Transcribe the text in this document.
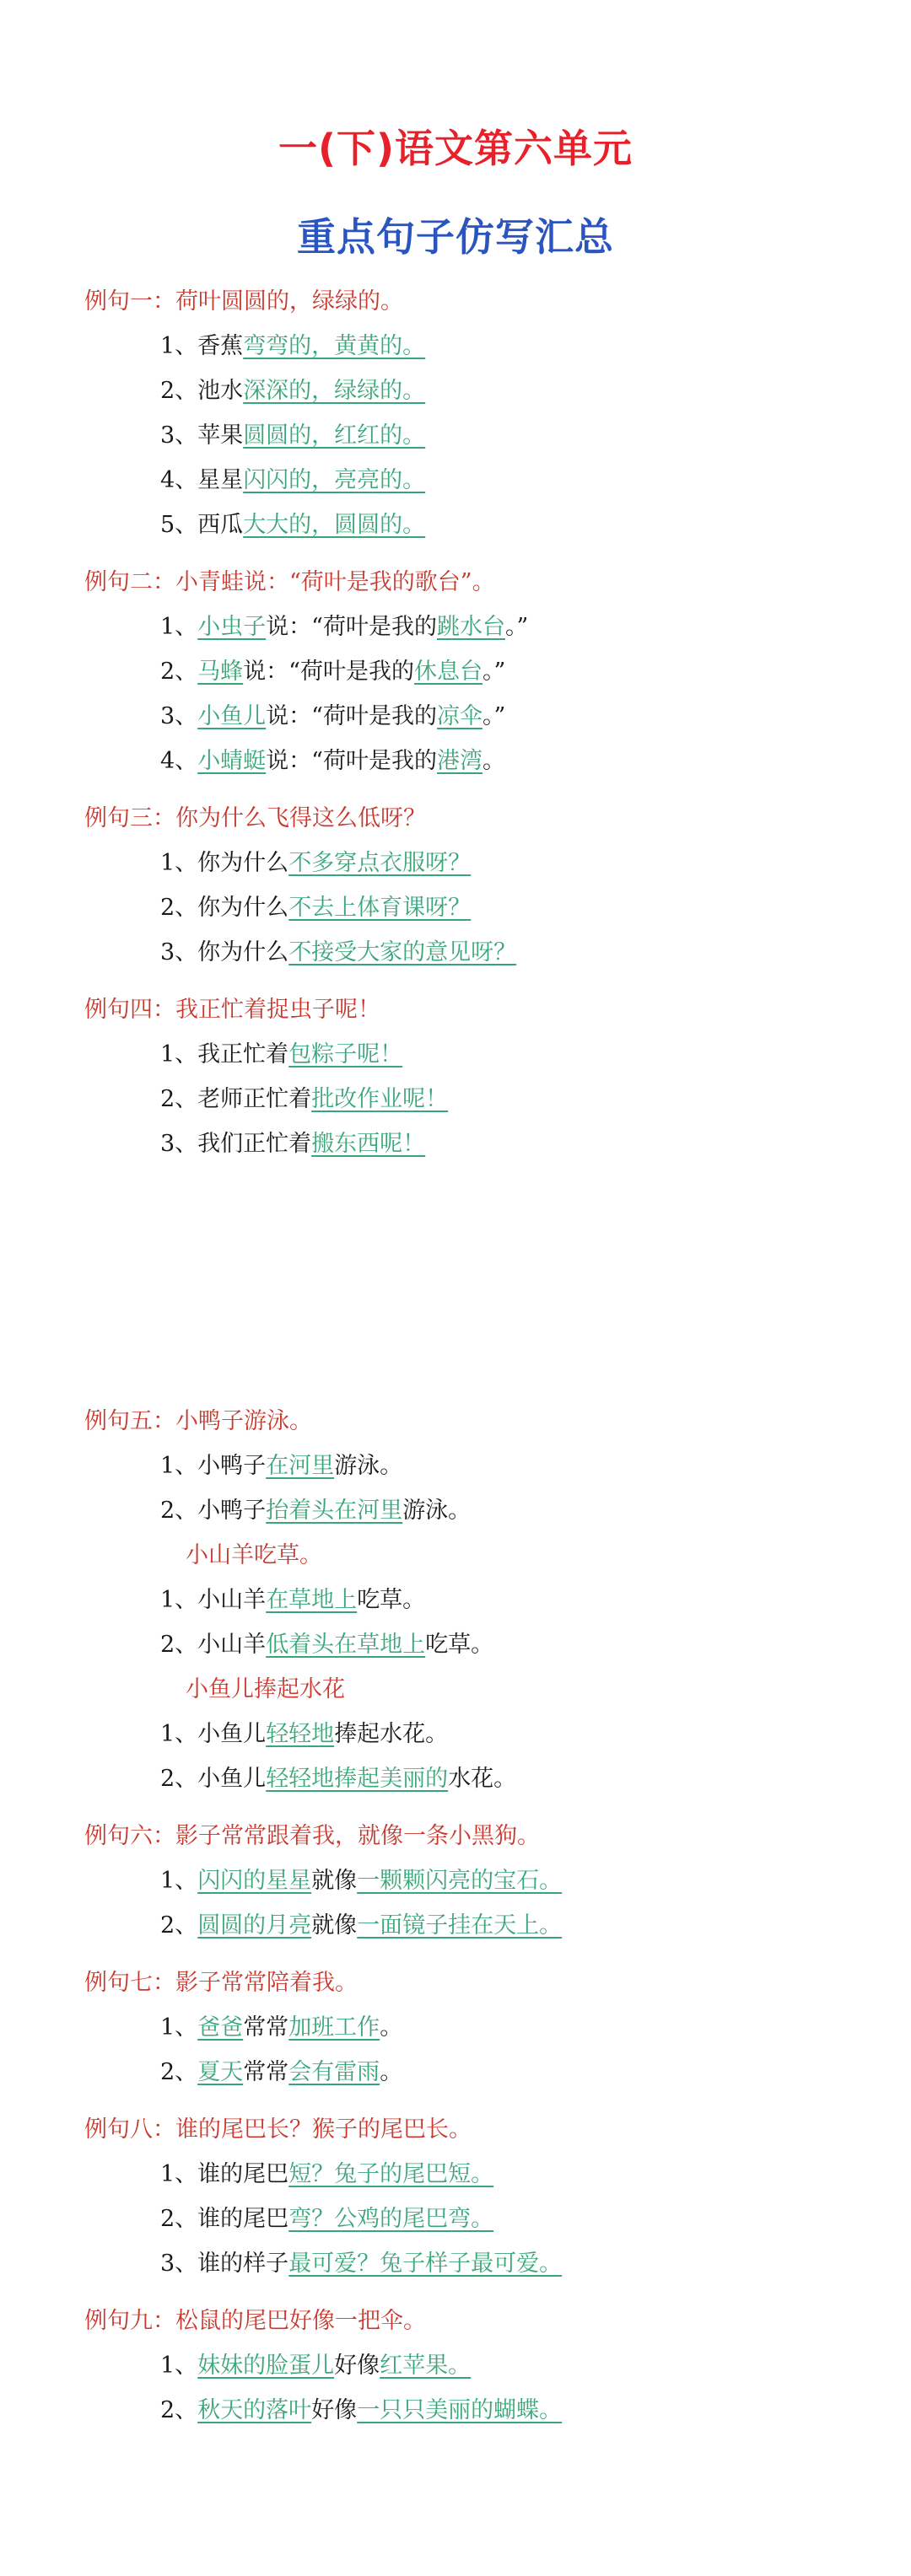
一(下)语文第六单元
重点句子仿写汇总
例句一：荷叶圆圆的，绿绿的。
1、香蕉弯弯的，黄黄的。
2、池水深深的，绿绿的。
3、苹果圆圆的，红红的。
4、星星闪闪的，亮亮的。
5、西瓜大大的，圆圆的。
例句二：小青蛙说：“荷叶是我的歌台”。
1、小虫子说：“荷叶是我的跳水台。”
2、马蜂说：“荷叶是我的休息台。”
3、小鱼儿说：“荷叶是我的凉伞。”
4、小蜻蜓说：“荷叶是我的港湾。
例句三：你为什么飞得这么低呀？
1、你为什么不多穿点衣服呀？
2、你为什么不去上体育课呀？
3、你为什么不接受大家的意见呀？
例句四：我正忙着捉虫子呢！
1、我正忙着包粽子呢！
2、老师正忙着批改作业呢！
3、我们正忙着搬东西呢！
例句五：小鸭子游泳。
1、小鸭子在河里游泳。
2、小鸭子抬着头在河里游泳。
小山羊吃草。
1、小山羊在草地上吃草。
2、小山羊低着头在草地上吃草。
小鱼儿捧起水花
1、小鱼儿轻轻地捧起水花。
2、小鱼儿轻轻地捧起美丽的水花。
例句六：影子常常跟着我，就像一条小黑狗。
1、闪闪的星星就像一颗颗闪亮的宝石。
2、圆圆的月亮就像一面镜子挂在天上。
例句七：影子常常陪着我。
1、爸爸常常加班工作。
2、夏天常常会有雷雨。
例句八：谁的尾巴长？猴子的尾巴长。
1、谁的尾巴短？兔子的尾巴短。
2、谁的尾巴弯？公鸡的尾巴弯。
3、谁的样子最可爱？兔子样子最可爱。
例句九：松鼠的尾巴好像一把伞。
1、妹妹的脸蛋儿好像红苹果。
2、秋天的落叶好像一只只美丽的蝴蝶。
